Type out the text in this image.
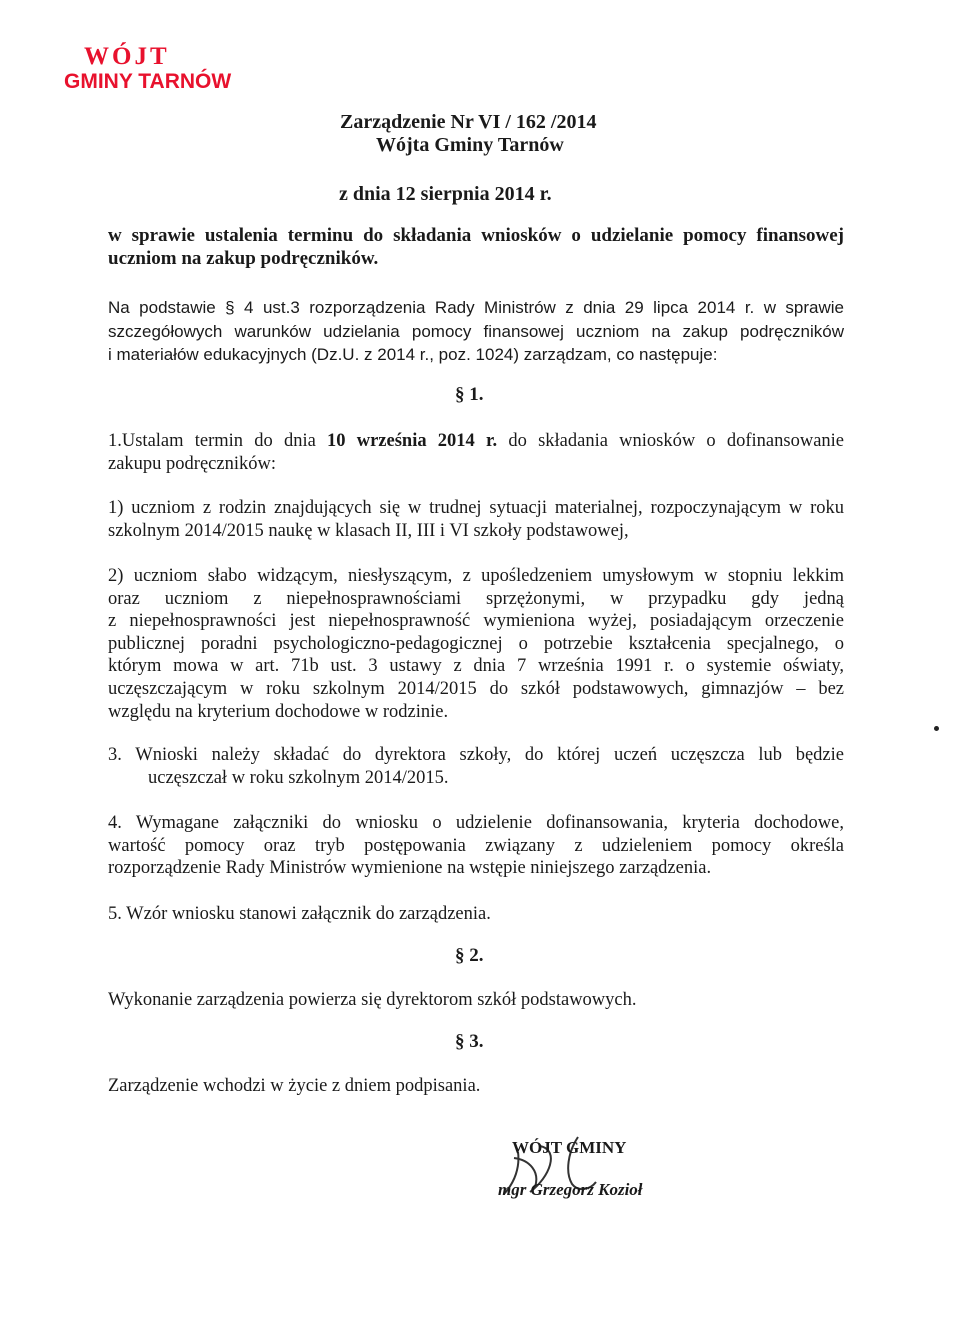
WÓJT
GMINY TARNÓW
Zarządzenie Nr VI / 162 /2014
Wójta Gminy Tarnów
z dnia 12 sierpnia 2014 r.
w sprawie ustalenia terminu do składania wniosków o udzielanie pomocy finansowej
uczniom na zakup podręczników.
Na podstawie § 4 ust.3 rozporządzenia Rady Ministrów z dnia 29 lipca 2014 r. w sprawie
szczegółowych warunków udzielania pomocy finansowej uczniom na zakup podręczników
i materiałów edukacyjnych (Dz.U. z 2014 r., poz. 1024) zarządzam, co następuje:
§ 1.
1.Ustalam termin do dnia 10 września 2014 r. do składania wniosków o dofinansowanie
zakupu podręczników:
1) uczniom z rodzin znajdujących się w trudnej sytuacji materialnej, rozpoczynającym w roku
szkolnym 2014/2015 naukę w klasach II, III i VI szkoły podstawowej,
2) uczniom słabo widzącym, niesłyszącym, z upośledzeniem umysłowym w stopniu lekkim
oraz uczniom z niepełnosprawnościami sprzężonymi, w przypadku gdy jedną
z niepełnosprawności jest niepełnosprawność wymieniona wyżej, posiadającym orzeczenie
publicznej poradni psychologiczno-pedagogicznej o potrzebie kształcenia specjalnego, o
którym mowa w art. 71b ust. 3 ustawy z dnia 7 września 1991 r. o systemie oświaty,
uczęszczającym w roku szkolnym 2014/2015 do szkół podstawowych, gimnazjów – bez
względu na kryterium dochodowe w rodzinie.
3. Wnioski należy składać do dyrektora szkoły, do której uczeń uczęszcza lub będzie
uczęszczał w roku szkolnym 2014/2015.
4. Wymagane załączniki do wniosku o udzielenie dofinansowania, kryteria dochodowe,
wartość pomocy oraz tryb postępowania związany z udzieleniem pomocy określa
rozporządzenie Rady Ministrów wymienione na wstępie niniejszego zarządzenia.
5. Wzór wniosku stanowi załącznik do zarządzenia.
§ 2.
Wykonanie zarządzenia powierza się dyrektorom szkół podstawowych.
§ 3.
Zarządzenie wchodzi w życie z dniem podpisania.
WÓJT GMINY
mgr Grzegorz Kozioł
